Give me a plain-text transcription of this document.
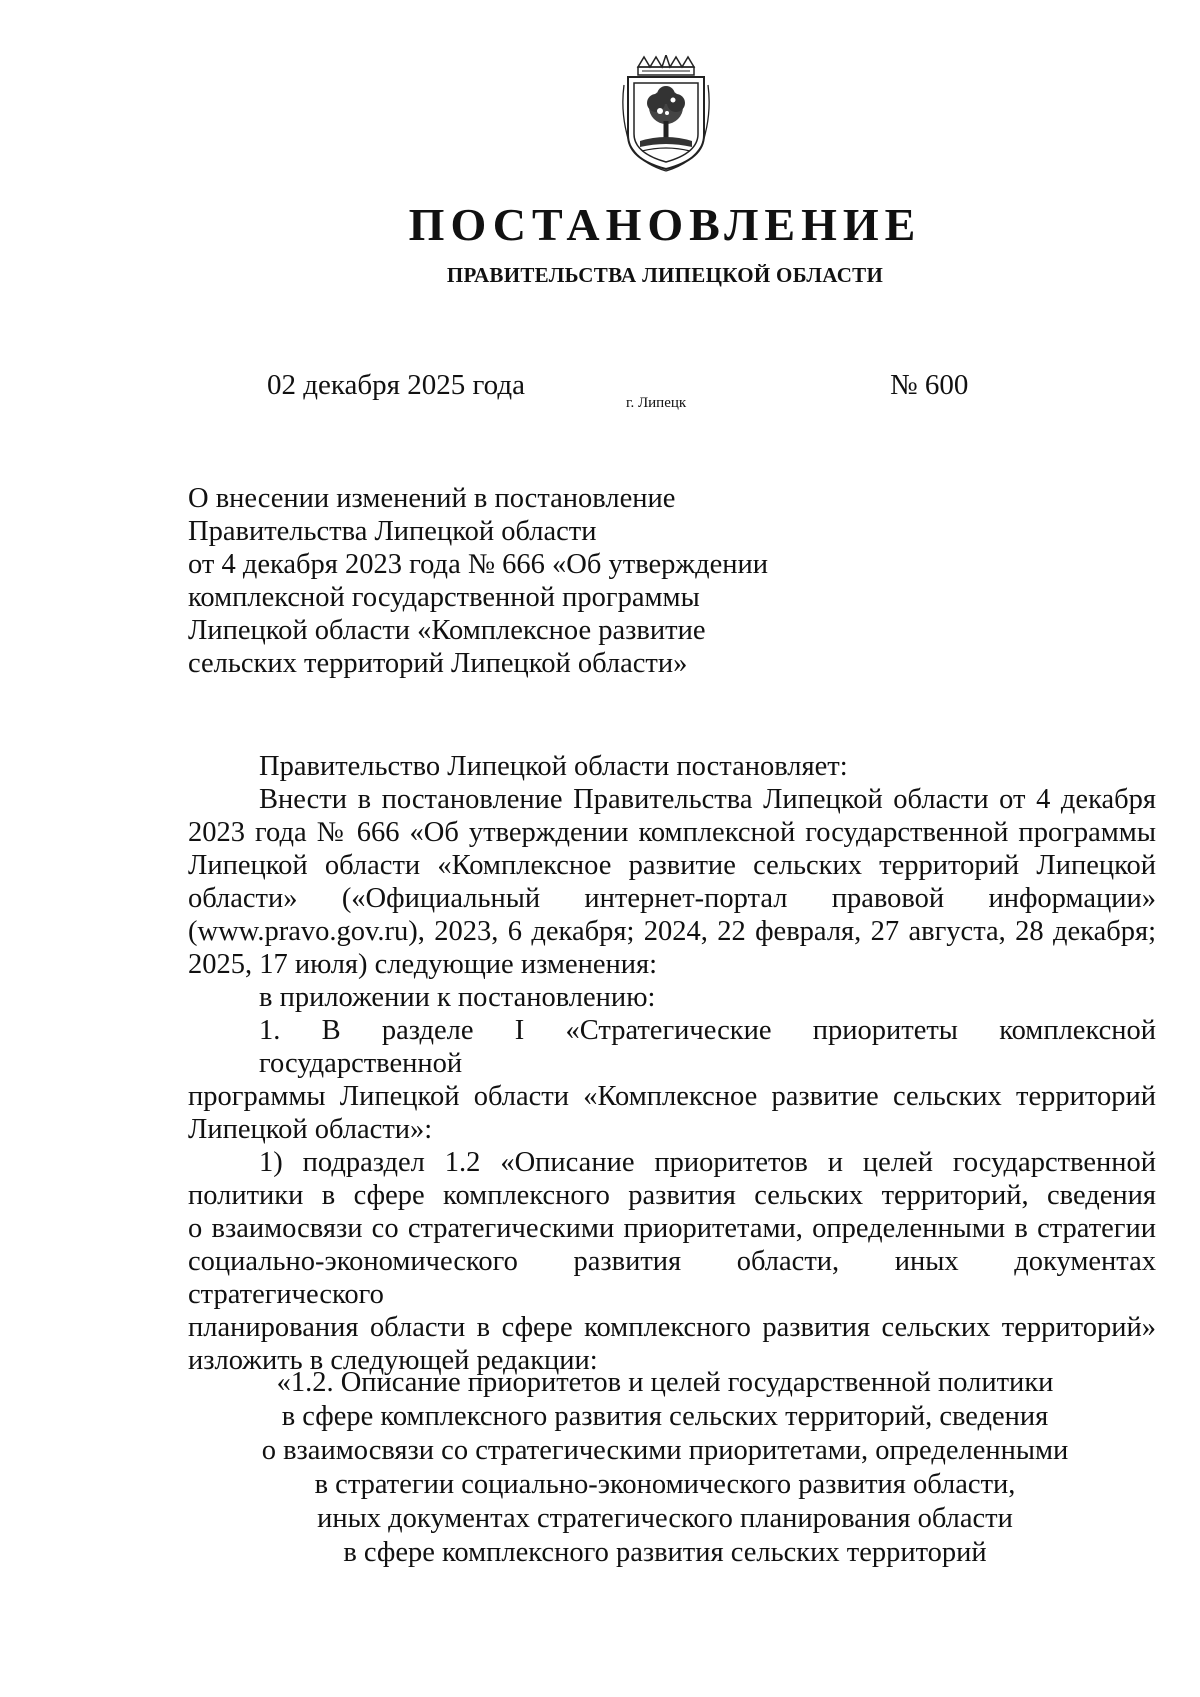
ПОСТАНОВЛЕНИЕ
ПРАВИТЕЛЬСТВА ЛИПЕЦКОЙ ОБЛАСТИ
02 декабря 2025 года
г. Липецк
№ 600
О внесении изменений в постановление
Правительства Липецкой области
от 4 декабря 2023 года № 666 «Об утверждении
комплексной государственной программы
Липецкой области «Комплексное развитие
сельских территорий Липецкой области»
Правительство Липецкой области постановляет:
Внести в постановление Правительства Липецкой области от 4 декабря
2023 года № 666 «Об утверждении комплексной государственной программы
Липецкой области «Комплексное развитие сельских территорий Липецкой
области» («Официальный интернет-портал правовой информации»
(www.pravo.gov.ru), 2023, 6 декабря; 2024, 22 февраля, 27 августа, 28 декабря;
2025, 17 июля) следующие изменения:
в приложении к постановлению:
1. В разделе I «Стратегические приоритеты комплексной государственной
программы Липецкой области «Комплексное развитие сельских территорий
Липецкой области»:
1) подраздел 1.2 «Описание приоритетов и целей государственной
политики в сфере комплексного развития сельских территорий, сведения
о взаимосвязи со стратегическими приоритетами, определенными в стратегии
социально-экономического развития области, иных документах стратегического
планирования области в сфере комплексного развития сельских территорий»
изложить в следующей редакции:
«1.2. Описание приоритетов и целей государственной политики
в сфере комплексного развития сельских территорий, сведения
о взаимосвязи со стратегическими приоритетами, определенными
в стратегии социально-экономического развития области,
иных документах стратегического планирования области
в сфере комплексного развития сельских территорий
